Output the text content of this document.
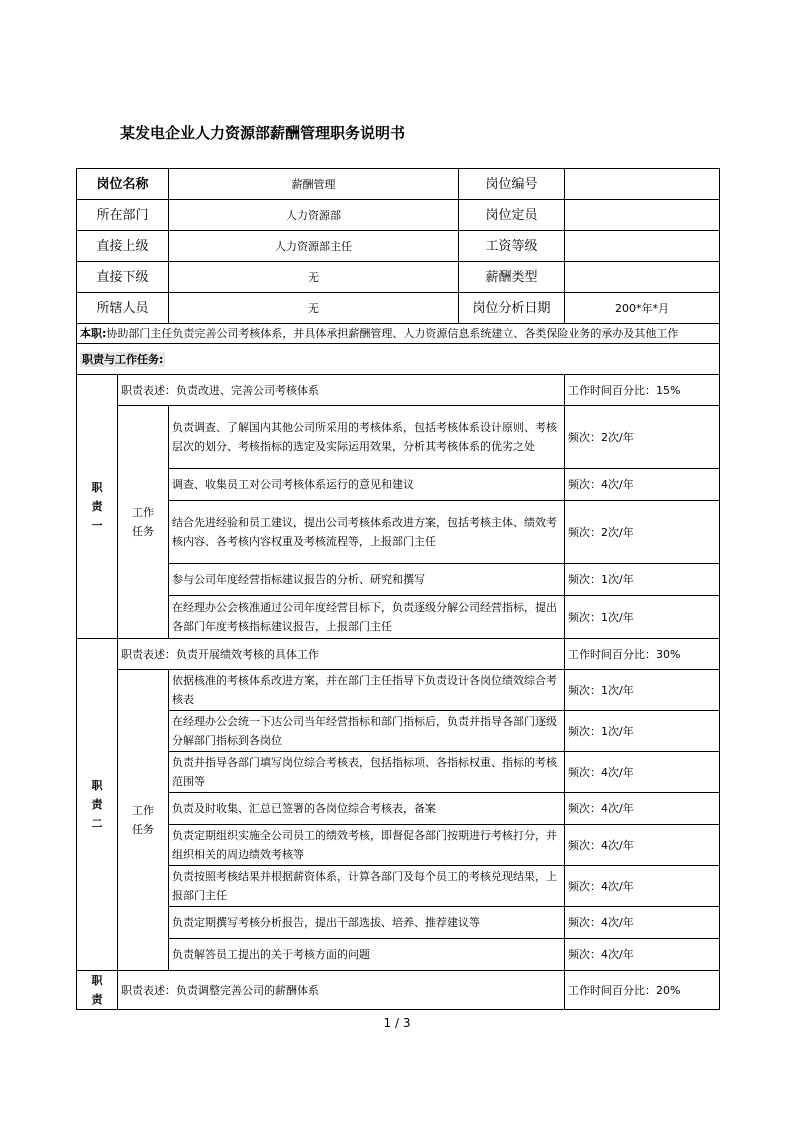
某发电企业人力资源部薪酬管理职务说明书
岗位名称		薪酬管理 岗位编号	

所在部门		人力资源部 岗位定员	

直接上级		人力资源部主任 工资等级	

直接下级		无 薪酬类型	

所辖人员		无 岗位分析日期	200*年*月
本职:协助部门主任负责完善公司考核体系，并具体承担薪酬管理、人力资源信息系统建立、各类保险业务的承办及其他工作			
职责与工作任务:			
职责一	职责表述：负责改进、完善公司考核体系		工作时间百分比：15%
	工作任务	负责调查、了解国内其他公司所采用的考核体系，包括考核体系设计原则、考核层次的划分、考核指标的选定及实际运用效果，分析其考核体系的优劣之处	频次：2次/年
		调查、收集员工对公司考核体系运行的意见和建议	频次：4次/年
		结合先进经验和员工建议，提出公司考核体系改进方案，包括考核主体、绩效考核内容、各考核内容权重及考核流程等，上报部门主任	频次：2次/年
		参与公司年度经营指标建议报告的分析、研究和撰写	频次：1次/年
		在经理办公会核准通过公司年度经营目标下，负责逐级分解公司经营指标，提出各部门年度考核指标建议报告，上报部门主任	频次：1次/年
职责二	职责表述：负责开展绩效考核的具体工作		工作时间百分比：30%
	工作任务	依据核准的考核体系改进方案，并在部门主任指导下负责设计各岗位绩效综合考核表	频次：1次/年
		在经理办公会统一下达公司当年经营指标和部门指标后，负责并指导各部门逐级分解部门指标到各岗位	频次：1次/年
		负责并指导各部门填写岗位综合考核表，包括指标项、各指标权重、指标的考核范围等	频次：4次/年
		负责及时收集、汇总已签署的各岗位综合考核表，备案	频次：4次/年
		负责定期组织实施全公司员工的绩效考核，即督促各部门按期进行考核打分，并组织相关的周边绩效考核等	频次：4次/年
		负责按照考核结果并根据薪资体系，计算各部门及每个员工的考核兑现结果，上报部门主任	频次：4次/年
		负责定期撰写考核分析报告，提出干部选拔、培养、推荐建议等	频次：4次/年
		负责解答员工提出的关于考核方面的问题	频次：4次/年
职责	职责表述：负责调整完善公司的薪酬体系		工作时间百分比：20%
1 / 3
